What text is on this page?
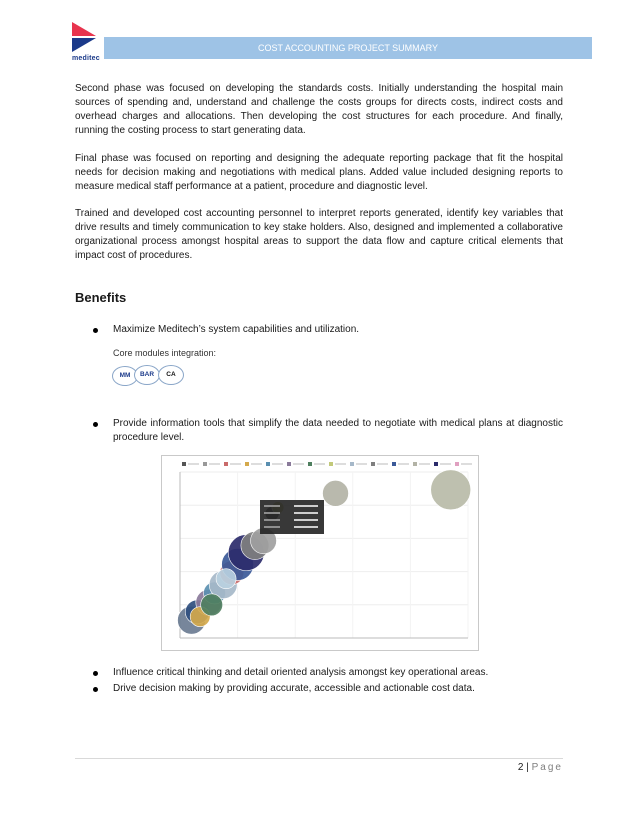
meditec
COST ACCOUNTING PROJECT SUMMARY

Second phase was focused on developing the standards costs. Initially understanding the hospital main sources of spending and, understand and challenge the costs groups for directs costs, indirect costs and overhead charges and allocations. Then developing the cost structures for each procedure. And finally, running the costing process to start generating data.

Final phase was focused on reporting and designing the adequate reporting package that fit the hospital needs for decision making and negotiations with medical plans. Added value included designing reports to measure medical staff performance at a patient, procedure and diagnostic level.

Trained and developed cost accounting personnel to interpret reports generated, identify key variables that drive results and timely communication to key stake holders. Also, designed and implemented a collaborative organizational process amongst hospital areas to support the data flow and capture critical elements that impact cost of procedures.

Benefits
Maximize Meditech’s system capabilities and utilization.
Core modules integration:
MM	BAR	CA
Provide information tools that simplify the data needed to negotiate with medical plans at diagnostic procedure level.
Influence critical thinking and detail oriented analysis amongst key operational areas.
Drive decision making by providing accurate, accessible and actionable cost data.
2 | Page
